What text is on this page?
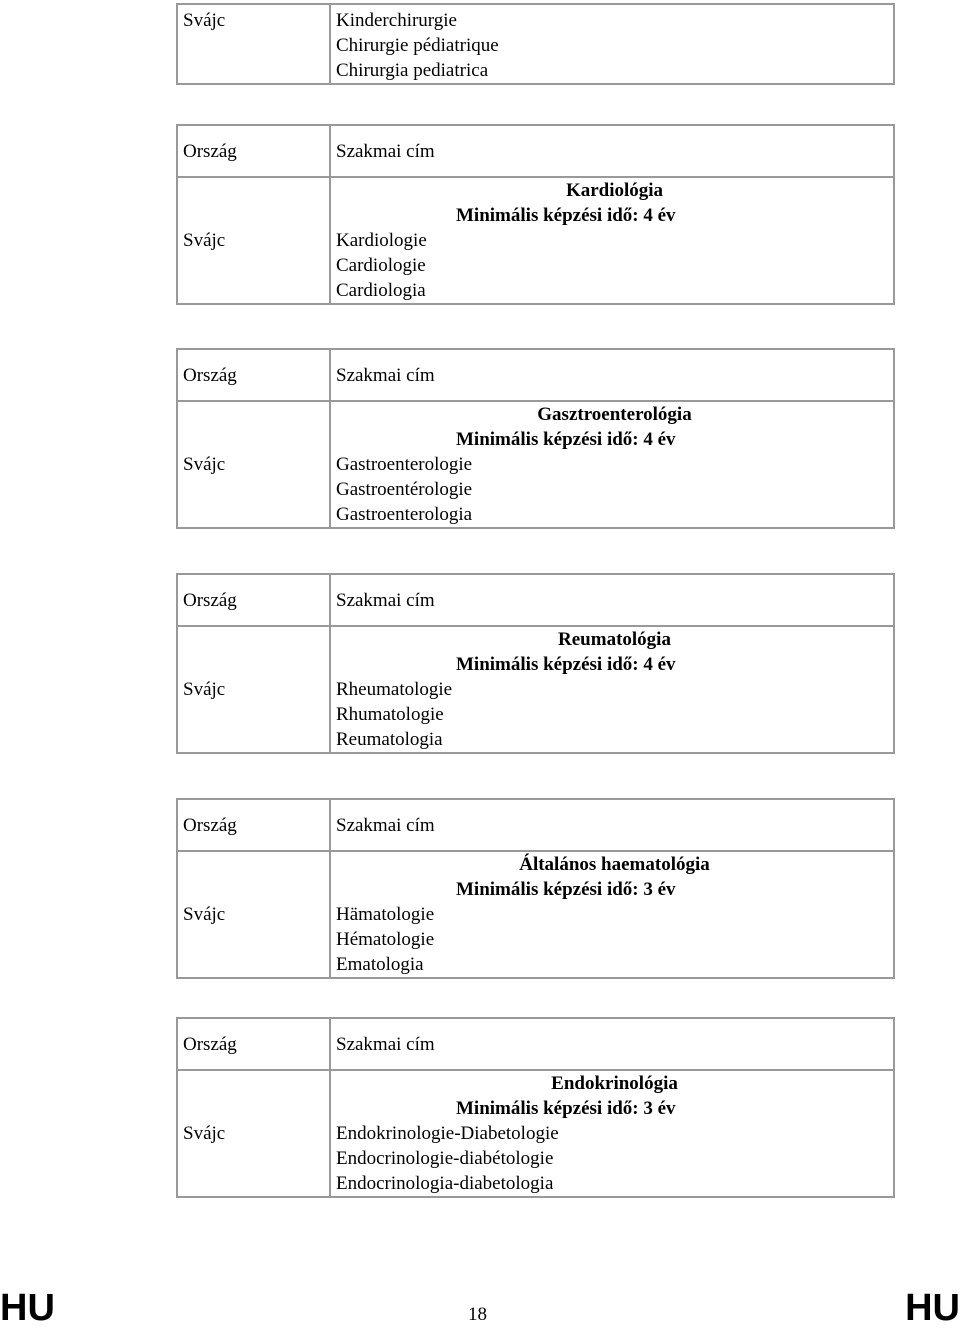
Svájc	Kinderchirurgie
Chirurgie pédiatrique
Chirurgia pediatrica
Ország	Szakmai cím
Svájc	Kardiológia
Minimális képzési idő: 4 év
Kardiologie
Cardiologie
Cardiologia
Ország	Szakmai cím
Svájc	Gasztroenterológia
Minimális képzési idő: 4 év
Gastroenterologie
Gastroentérologie
Gastroenterologia
Ország	Szakmai cím
Svájc	Reumatológia
Minimális képzési idő: 4 év
Rheumatologie
Rhumatologie
Reumatologia
Ország	Szakmai cím
Svájc	Általános haematológia
Minimális képzési idő: 3 év
Hämatologie
Hématologie
Ematologia
Ország	Szakmai cím
Svájc	Endokrinológia
Minimális képzési idő: 3 év
Endokrinologie-Diabetologie
Endocrinologie-diabétologie
Endocrinologia-diabetologia
HU	18	HU
